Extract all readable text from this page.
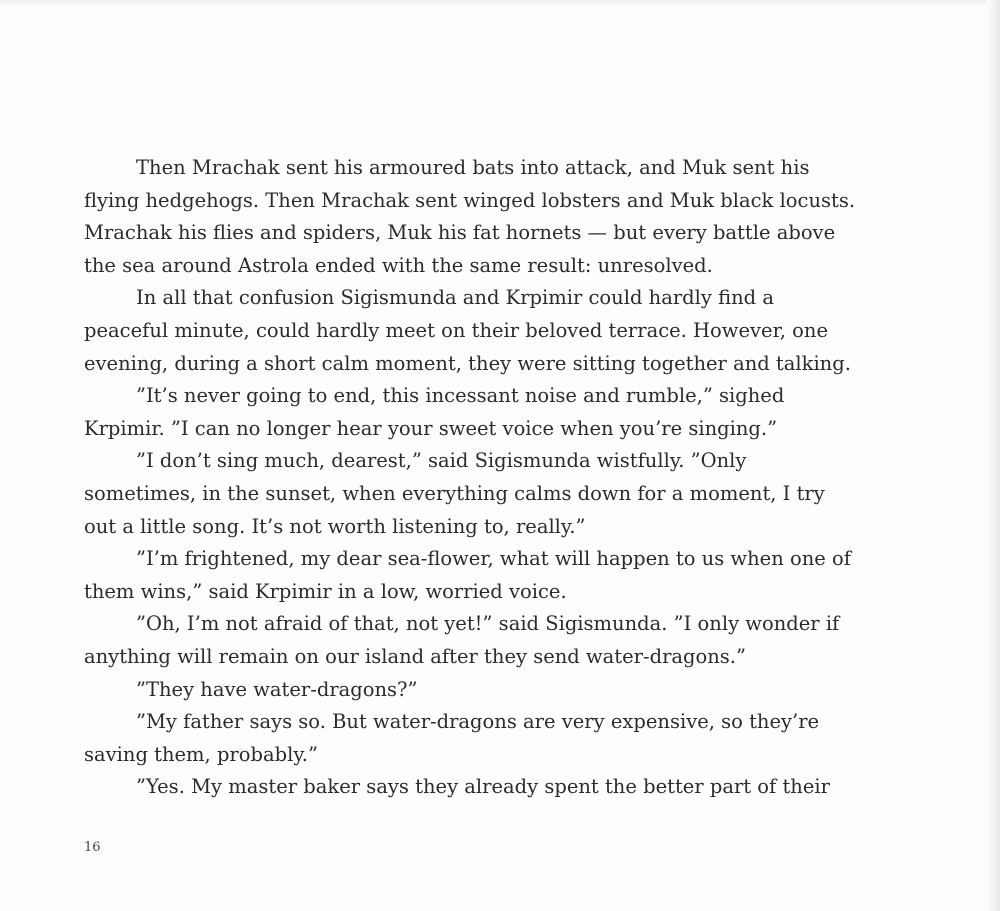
Then Mrachak sent his armoured bats into attack, and Muk sent his
flying hedgehogs. Then Mrachak sent winged lobsters and Muk black locusts.
Mrachak his flies and spiders, Muk his fat hornets — but every battle above
the sea around Astrola ended with the same result: unresolved.
In all that confusion Sigismunda and Krpimir could hardly find a
peaceful minute, could hardly meet on their beloved terrace. However, one
evening, during a short calm moment, they were sitting together and talking.
”It’s never going to end, this incessant noise and rumble,” sighed
Krpimir. ”I can no longer hear your sweet voice when you’re singing.”
”I don’t sing much, dearest,” said Sigismunda wistfully. ”Only
sometimes, in the sunset, when everything calms down for a moment, I try
out a little song. It’s not worth listening to, really.”
”I’m frightened, my dear sea-flower, what will happen to us when one of
them wins,” said Krpimir in a low, worried voice.
”Oh, I’m not afraid of that, not yet!” said Sigismunda. ”I only wonder if
anything will remain on our island after they send water-dragons.”
”They have water-dragons?”
”My father says so. But water-dragons are very expensive, so they’re
saving them, probably.”
”Yes. My master baker says they already spent the better part of their
16
